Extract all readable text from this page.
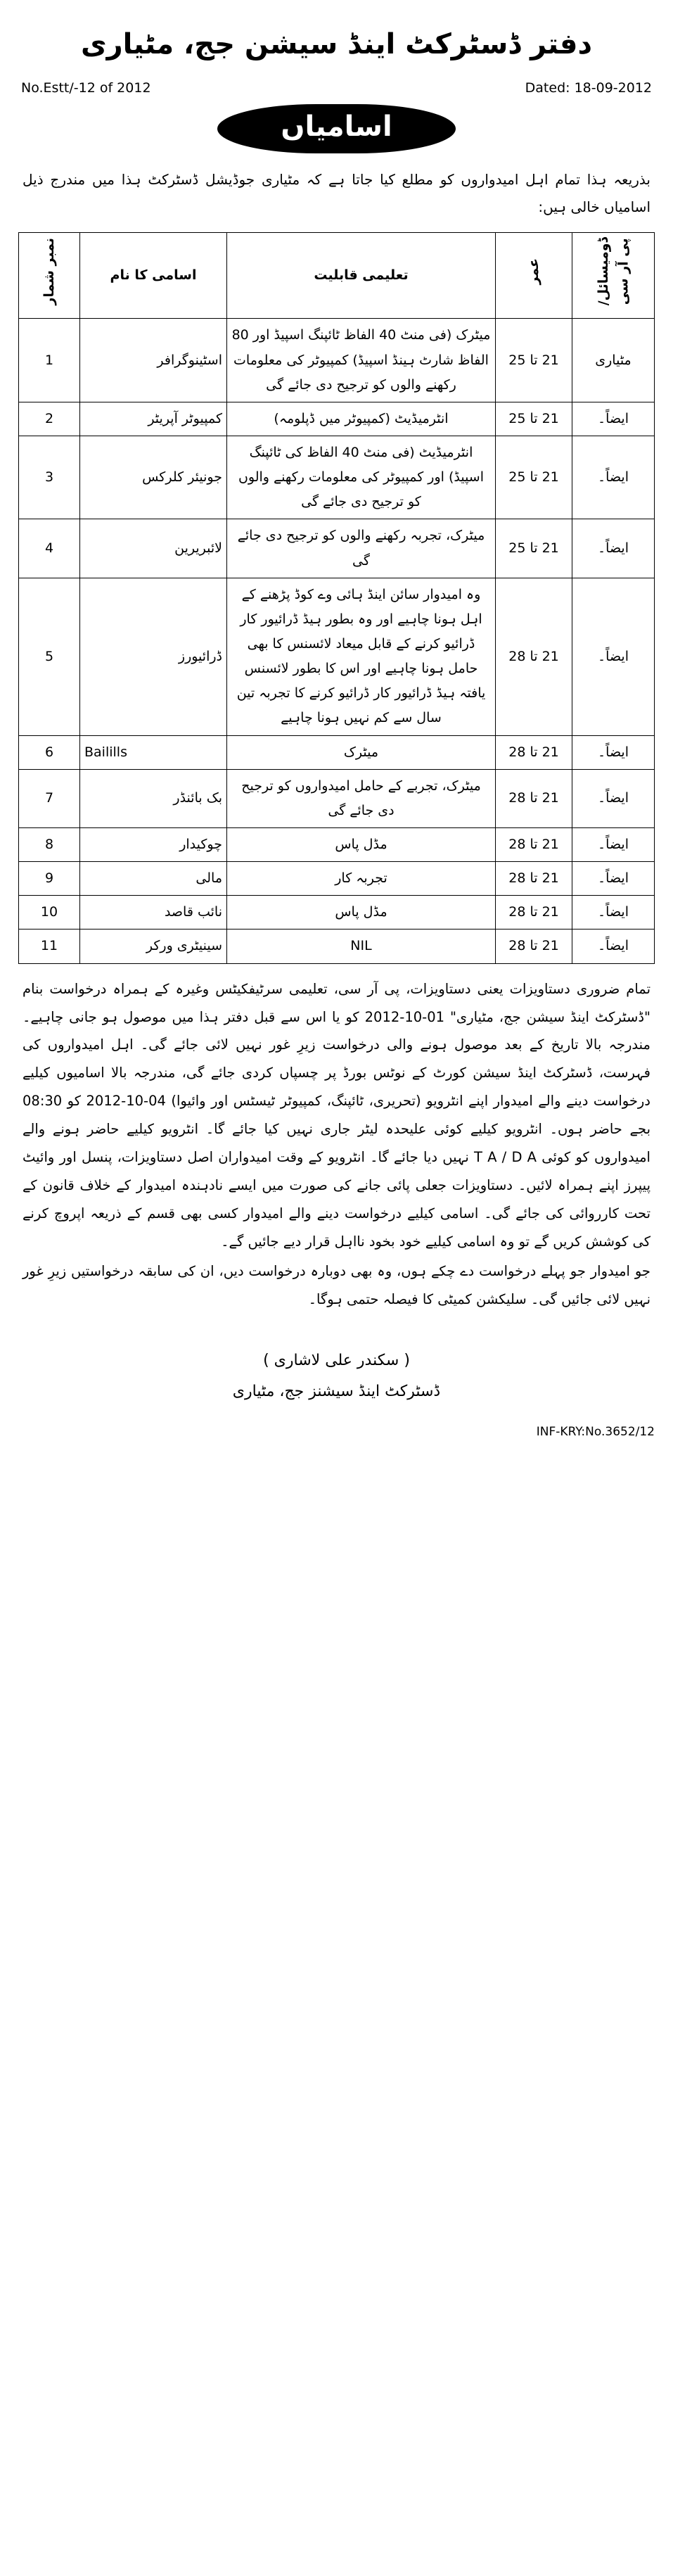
دفتر ڈسٹرکٹ اینڈ سیشن جج، مٹیاری
No.Estt/-12 of 2012	Dated: 18-09-2012
اسامیاں
بذریعہ ہذا تمام اہل امیدواروں کو مطلع کیا جاتا ہے کہ مٹیاری جوڈیشل ڈسٹرکٹ ہذا میں مندرج ذیل اسامیاں خالی ہیں:
ڈومیسائل/ پی آر سی	عمر	تعلیمی قابلیت	اسامی کا نام	نمبر شمار
مٹیاری	21 تا 25	میٹرک (فی منٹ 40 الفاظ ٹائپنگ اسپیڈ اور 80 الفاظ شارٹ ہینڈ اسپیڈ) کمپیوٹر کی معلومات رکھنے والوں کو ترجیح دی جائے گی	اسٹینوگرافر	1
ایضاً۔	21 تا 25	انٹرمیڈیٹ (کمپیوٹر میں ڈپلومہ)	کمپیوٹر آپریٹر	2
ایضاً۔	21 تا 25	انٹرمیڈیٹ (فی منٹ 40 الفاظ کی ٹائپنگ اسپیڈ) اور کمپیوٹر کی معلومات رکھنے والوں کو ترجیح دی جائے گی	جونیئر کلرکس	3
ایضاً۔	21 تا 25	میٹرک، تجربہ رکھنے والوں کو ترجیح دی جائے گی	لائبریرین	4
ایضاً۔	21 تا 28	وہ امیدوار سائن اینڈ ہائی وے کوڈ پڑھنے کے اہل ہونا چاہیے اور وہ بطور ہیڈ ڈرائیور کار ڈرائیو کرنے کے قابل میعاد لائسنس کا بھی حامل ہونا چاہیے اور اس کا بطور لائسنس یافتہ ہیڈ ڈرائیور کار ڈرائیو کرنے کا تجربہ تین سال سے کم نہیں ہونا چاہیے	ڈرائیورز	5
ایضاً۔	21 تا 28	میٹرک	Bailills	6
ایضاً۔	21 تا 28	میٹرک، تجربے کے حامل امیدواروں کو ترجیح دی جائے گی	بک بائنڈر	7
ایضاً۔	21 تا 28	مڈل پاس	چوکیدار	8
ایضاً۔	21 تا 28	تجربہ کار	مالی	9
ایضاً۔	21 تا 28	مڈل پاس	نائب قاصد	10
ایضاً۔	21 تا 28	NIL	سینیٹری ورکر	11

تمام ضروری دستاویزات یعنی دستاویزات، پی آر سی، تعلیمی سرٹیفکیٹس وغیرہ کے ہمراہ درخواست بنام "ڈسٹرکٹ اینڈ سیشن جج، مٹیاری" 01-10-2012 کو یا اس سے قبل دفتر ہذا میں موصول ہو جانی چاہیے۔ مندرجہ بالا تاریخ کے بعد موصول ہونے والی درخواست زیرِ غور نہیں لائی جائے گی۔ اہل امیدواروں کی فہرست، ڈسٹرکٹ اینڈ سیشن کورٹ کے نوٹس بورڈ پر چسپاں کردی جائے گی، مندرجہ بالا اسامیوں کیلیے درخواست دینے والے امیدوار اپنے انٹرویو (تحریری، ٹائپنگ، کمپیوٹر ٹیسٹس اور وائیوا) 04-10-2012 کو 08:30 بجے حاضر ہوں۔ انٹرویو کیلیے کوئی علیحدہ لیٹر جاری نہیں کیا جائے گا۔ انٹرویو کیلیے حاضر ہونے والے امیدواروں کو کوئی T A / D A نہیں دیا جائے گا۔ انٹرویو کے وقت امیدواران اصل دستاویزات، پنسل اور وائیٹ پیپرز اپنے ہمراہ لائیں۔ دستاویزات جعلی پائی جانے کی صورت میں ایسے نادہندہ امیدوار کے خلاف قانون کے تحت کارروائی کی جائے گی۔ اسامی کیلیے درخواست دینے والے امیدوار کسی بھی قسم کے ذریعہ اپروچ کرنے کی کوشش کریں گے تو وہ اسامی کیلیے خود بخود نااہل قرار دیے جائیں گے۔

جو امیدوار جو پہلے درخواست دے چکے ہوں، وہ بھی دوبارہ درخواست دیں، ان کی سابقہ درخواستیں زیرِ غور نہیں لائی جائیں گی۔ سلیکشن کمیٹی کا فیصلہ حتمی ہوگا۔

( سکندر علی لاشاری )
ڈسٹرکٹ اینڈ سیشنز جج، مٹیاری
INF-KRY:No.3652/12
